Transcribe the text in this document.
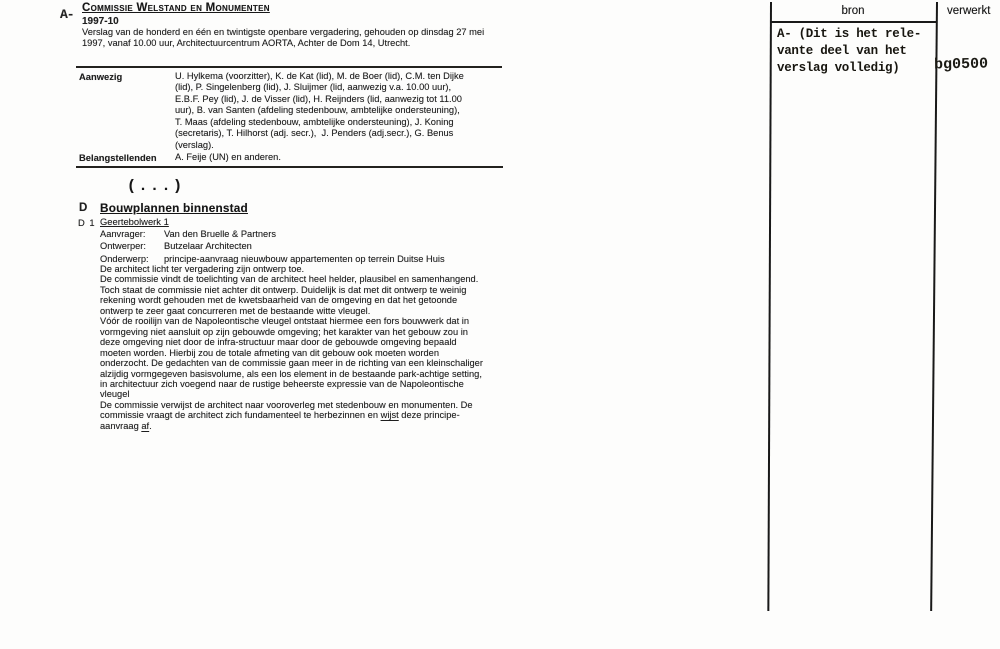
A- Commissie Welstand en Monumenten
1997-10
Verslag van de honderd en één en twintigste openbare vergadering, gehouden op dinsdag 27 mei
1997, vanaf 10.00 uur, Architectuurcentrum AORTA, Achter de Dom 14, Utrecht.
Aanwezig	U. Hylkema (voorzitter), K. de Kat (lid), M. de Boer (lid), C.M. ten Dijke
(lid), P. Singelenberg (lid), J. Sluijmer (lid, aanwezig v.a. 10.00 uur),
E.B.F. Pey (lid), J. de Visser (lid), H. Reijnders (lid, aanwezig tot 11.00
uur), B. van Santen (afdeling stedenbouw, ambtelijke ondersteuning),
T. Maas (afdeling stedenbouw, ambtelijke ondersteuning), J. Koning
(secretaris), T. Hilhorst (adj. secr.),  J. Penders (adj.secr.), G. Benus
(verslag).
Belangstellenden A. Feije (UN) en anderen.
(...)
D Bouwplannen binnenstad
D 1 Geertebolwerk 1
Aanvrager: Van den Bruelle & Partners
Ontwerper: Butzelaar Architecten
Onderwerp: principe-aanvraag nieuwbouw appartementen op terrein Duitse Huis
De architect licht ter vergadering zijn ontwerp toe.
De commissie vindt de toelichting van de architect heel helder, plausibel en samenhangend.
Toch staat de commissie niet achter dit ontwerp. Duidelijk is dat met dit ontwerp te weinig
rekening wordt gehouden met de kwetsbaarheid van de omgeving en dat het getoonde
ontwerp te zeer gaat concurreren met de bestaande witte vleugel.
Vóór de rooilijn van de Napoleontische vleugel ontstaat hiermee een fors bouwwerk dat in
vormgeving niet aansluit op zijn gebouwde omgeving; het karakter van het gebouw zou in
deze omgeving niet door de infra-structuur maar door de gebouwde omgeving bepaald
moeten worden. Hierbij zou de totale afmeting van dit gebouw ook moeten worden
onderzocht. De gedachten van de commissie gaan meer in de richting van een kleinschaliger
alzijdig vormgegeven basisvolume, als een los element in de bestaande park-achtige setting,
in architectuur zich voegend naar de rustige beheerste expressie van de Napoleontische
vleugel
De commissie verwijst de architect naar vooroverleg met stedenbouw en monumenten. De
commissie vraagt de architect zich fundamenteel te herbezinnen en wijst deze principe-
aanvraag af.
bron	verwerkt
A- (Dit is het rele-
vante deel van het
verslag volledig)	bg0500
